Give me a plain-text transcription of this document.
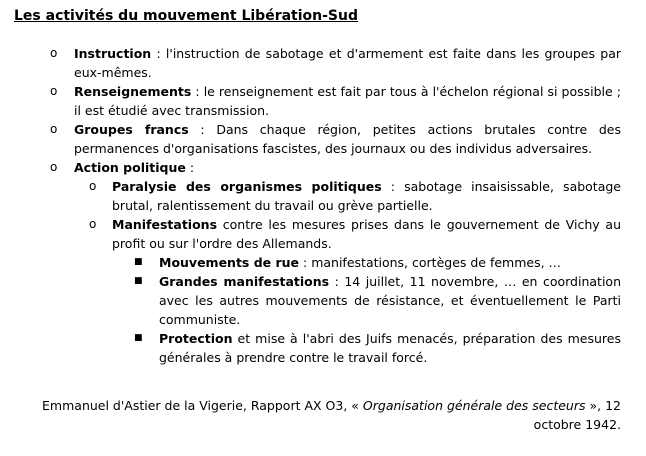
Les activités du mouvement Libération-Sud
o Instruction : l'instruction de sabotage et d'armement est faite dans les groupes par eux-mêmes.
o Renseignements : le renseignement est fait par tous à l'échelon régional si possible ; il est étudié avec transmission.
o Groupes francs : Dans chaque région, petites actions brutales contre des permanences d'organisations fascistes, des journaux ou des individus adversaires.
o Action politique :
o Paralysie des organismes politiques : sabotage insaisissable, sabotage brutal, ralentissement du travail ou grève partielle.
o Manifestations contre les mesures prises dans le gouvernement de Vichy au profit ou sur l'ordre des Allemands.
■ Mouvements de rue : manifestations, cortèges de femmes, …
■ Grandes manifestations : 14 juillet, 11 novembre, … en coordination avec les autres mouvements de résistance, et éventuellement le Parti communiste.
■ Protection et mise à l'abri des Juifs menacés, préparation des mesures générales à prendre contre le travail forcé.
Emmanuel d'Astier de la Vigerie, Rapport AX O3, « Organisation générale des secteurs », 12 octobre 1942.
